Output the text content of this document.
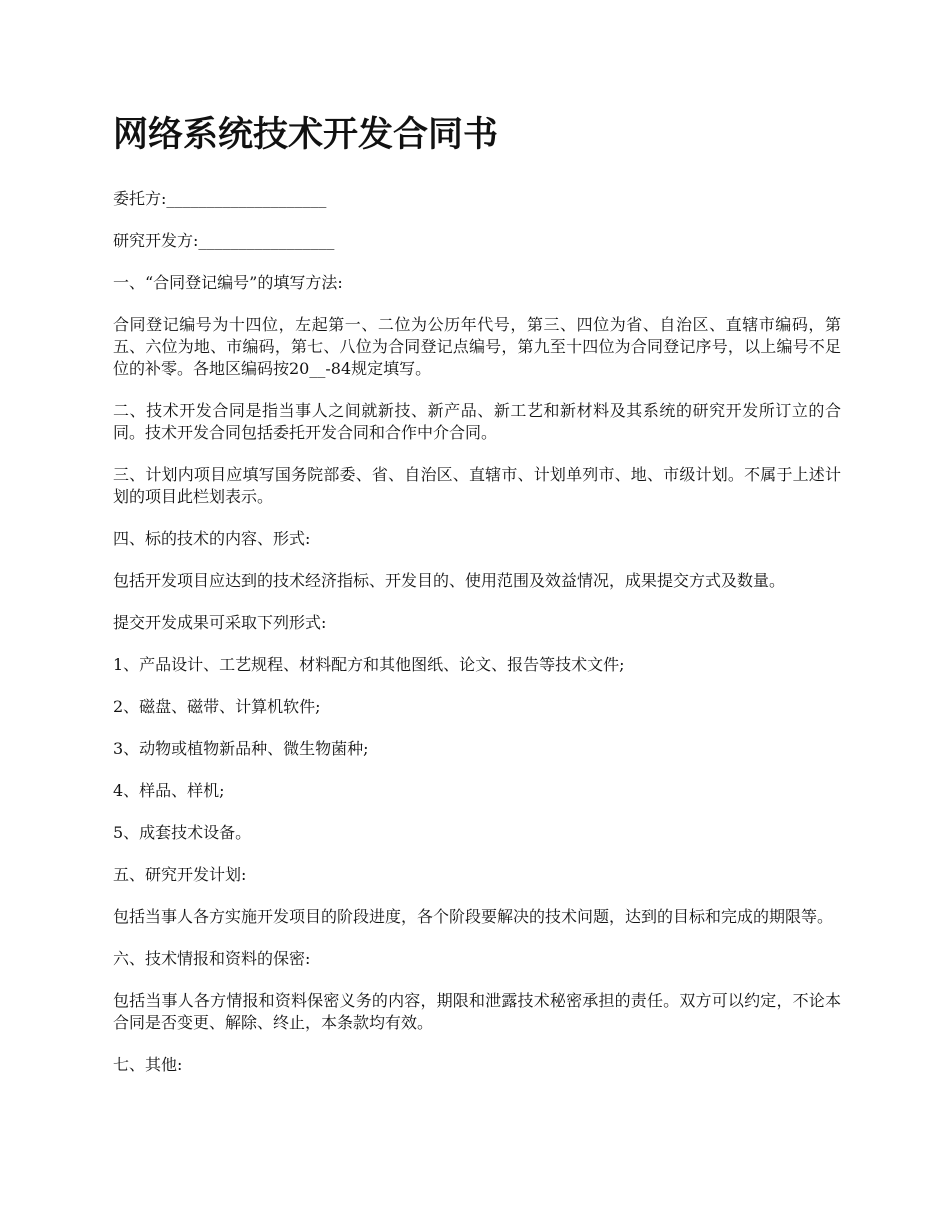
网络系统技术开发合同书

委托方:____________________

研究开发方:_________________

一、“合同登记编号”的填写方法:

合同登记编号为十四位，左起第一、二位为公历年代号，第三、四位为省、自治区、直辖市编码，第五、六位为地、市编码，第七、八位为合同登记点编号，第九至十四位为合同登记序号，以上编号不足位的补零。各地区编码按20__-84规定填写。

二、技术开发合同是指当事人之间就新技、新产品、新工艺和新材料及其系统的研究开发所订立的合同。技术开发合同包括委托开发合同和合作中介合同。

三、计划内项目应填写国务院部委、省、自治区、直辖市、计划单列市、地、市级计划。不属于上述计划的项目此栏划表示。

四、标的技术的内容、形式:

包括开发项目应达到的技术经济指标、开发目的、使用范围及效益情况，成果提交方式及数量。

提交开发成果可采取下列形式:

1、产品设计、工艺规程、材料配方和其他图纸、论文、报告等技术文件;

2、磁盘、磁带、计算机软件;

3、动物或植物新品种、微生物菌种;

4、样品、样机;

5、成套技术设备。

五、研究开发计划:

包括当事人各方实施开发项目的阶段进度，各个阶段要解决的技术问题，达到的目标和完成的期限等。

六、技术情报和资料的保密:

包括当事人各方情报和资料保密义务的内容，期限和泄露技术秘密承担的责任。双方可以约定，不论本合同是否变更、解除、终止，本条款均有效。

七、其他:
